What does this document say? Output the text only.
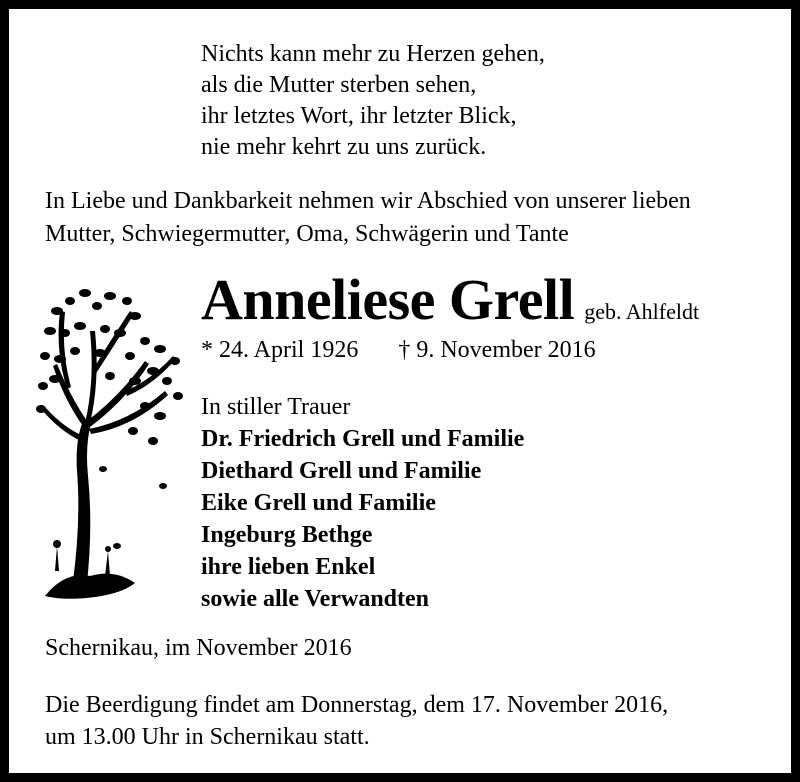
Nichts kann mehr zu Herzen gehen,
als die Mutter sterben sehen,
ihr letztes Wort, ihr letzter Blick,
nie mehr kehrt zu uns zurück.
In Liebe und Dankbarkeit nehmen wir Abschied von unserer lieben
Mutter, Schwiegermutter, Oma, Schwägerin und Tante
Anneliese Grell geb. Ahlfeldt
* 24. April 1926 † 9. November 2016
In stiller Trauer
Dr. Friedrich Grell und Familie
Diethard Grell und Familie
Eike Grell und Familie
Ingeburg Bethge
ihre lieben Enkel
sowie alle Verwandten
Schernikau, im November 2016
Die Beerdigung findet am Donnerstag, dem 17. November 2016,
um 13.00 Uhr in Schernikau statt.
